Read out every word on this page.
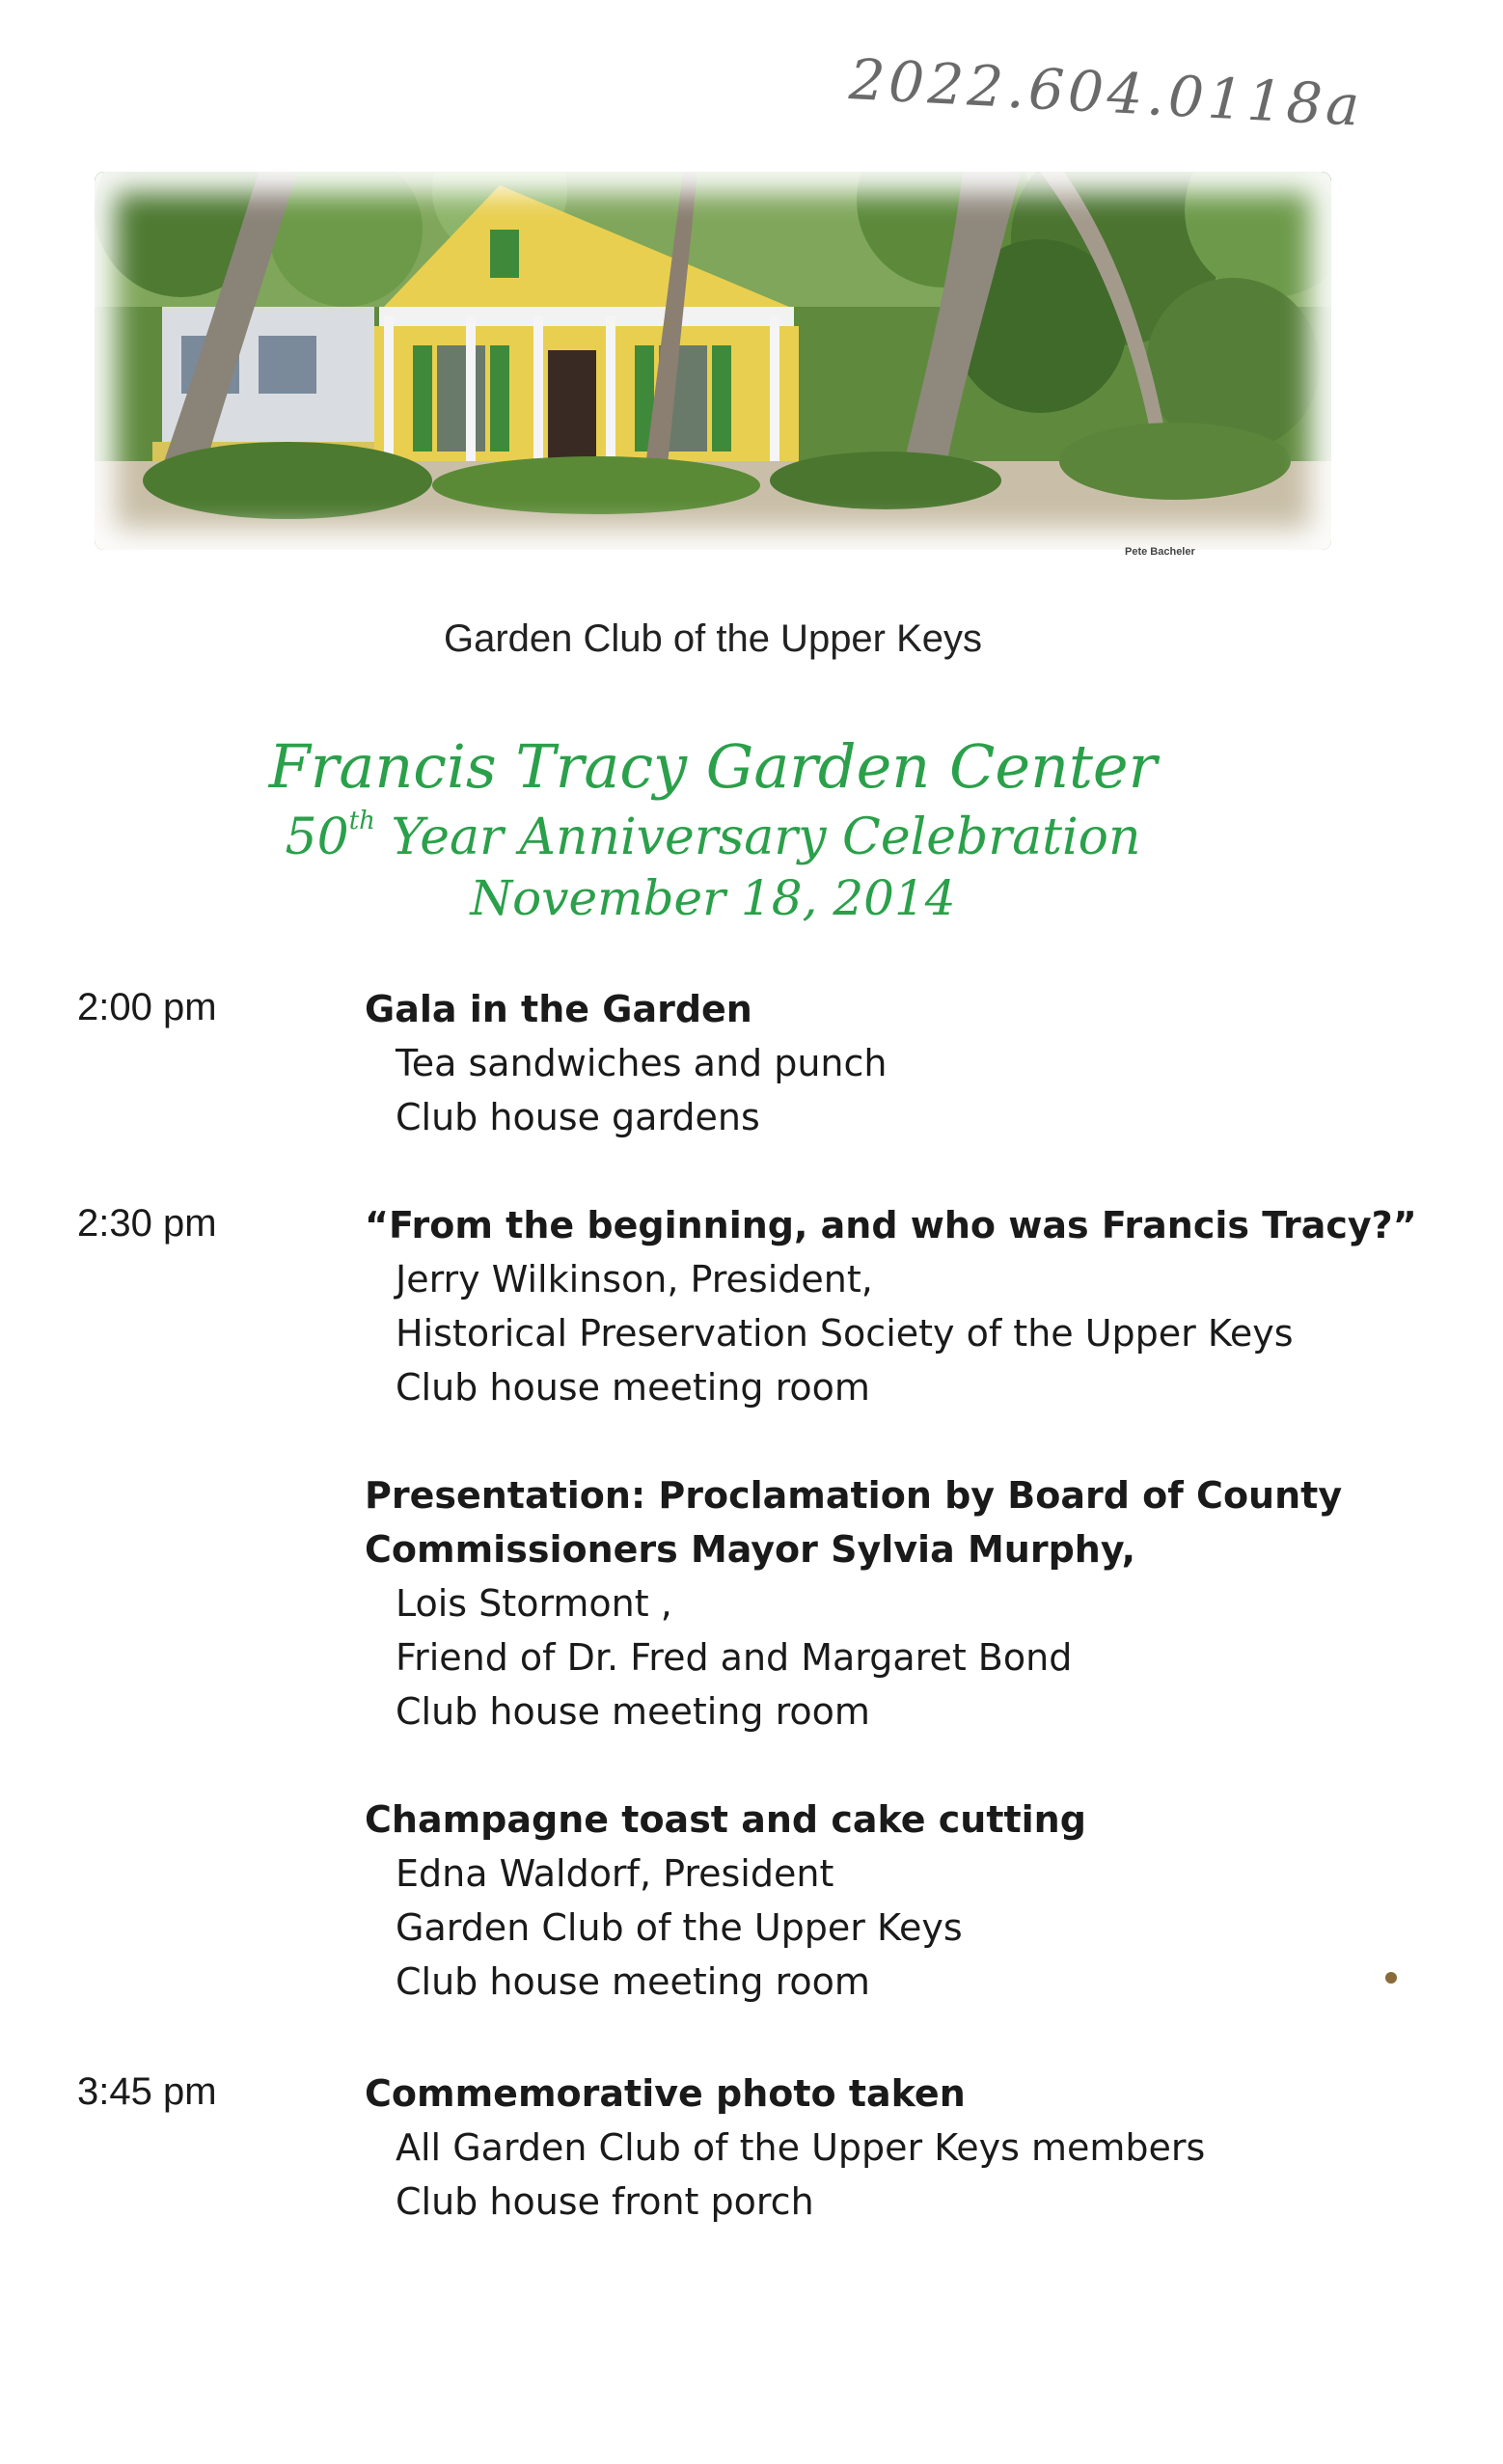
2022.604.0118a
Pete Bacheler
Garden Club of the Upper Keys
Francis Tracy Garden Center
50th Year Anniversary Celebration
November 18, 2014
2:00 pm	Gala in the Garden
Tea sandwiches and punch
Club house gardens
2:30 pm	“From the beginning, and who was Francis Tracy?”
Jerry Wilkinson, President,
Historical Preservation Society of the Upper Keys
Club house meeting room
Presentation: Proclamation by Board of County
Commissioners Mayor Sylvia Murphy,
Lois Stormont ,
Friend of Dr. Fred and Margaret Bond
Club house meeting room
Champagne toast and cake cutting
Edna Waldorf, President
Garden Club of the Upper Keys
Club house meeting room
3:45 pm	Commemorative photo taken
All Garden Club of the Upper Keys members
Club house front porch
